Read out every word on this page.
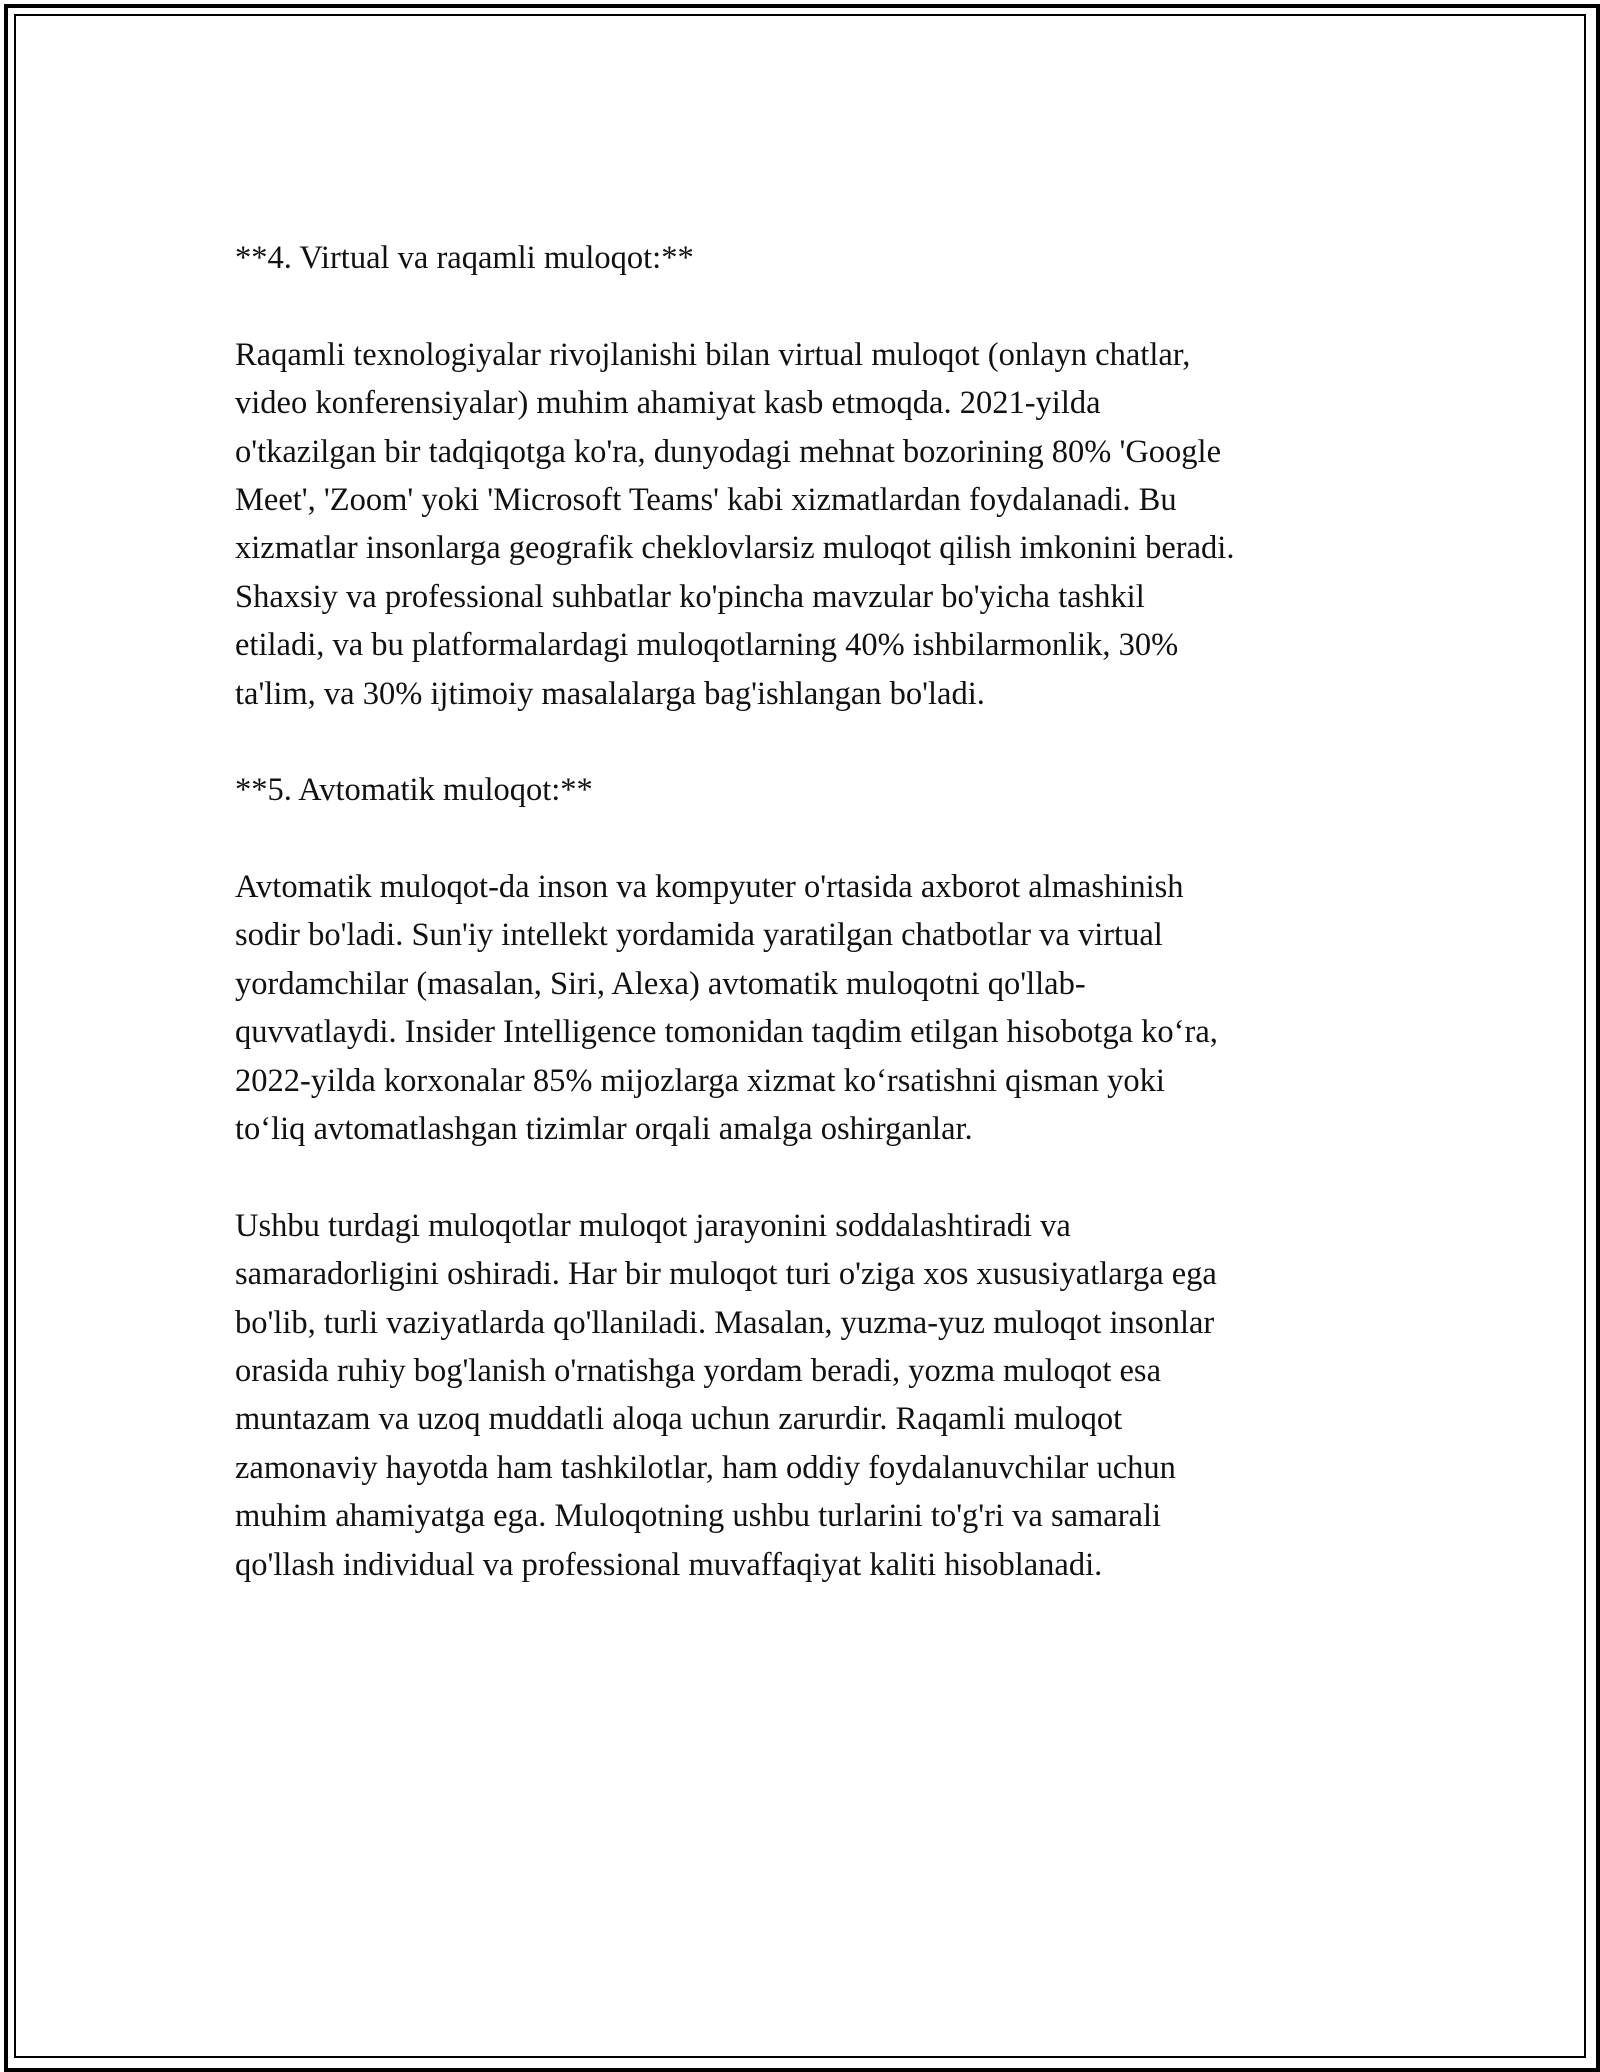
**4. Virtual va raqamli muloqot:**
Raqamli texnologiyalar rivojlanishi bilan virtual muloqot (onlayn chatlar,
video konferensiyalar) muhim ahamiyat kasb etmoqda. 2021-yilda
o'tkazilgan bir tadqiqotga ko'ra, dunyodagi mehnat bozorining 80% 'Google
Meet', 'Zoom' yoki 'Microsoft Teams' kabi xizmatlardan foydalanadi. Bu
xizmatlar insonlarga geografik cheklovlarsiz muloqot qilish imkonini beradi.
Shaxsiy va professional suhbatlar ko'pincha mavzular bo'yicha tashkil
etiladi, va bu platformalardagi muloqotlarning 40% ishbilarmonlik, 30%
ta'lim, va 30% ijtimoiy masalalarga bag'ishlangan bo'ladi.
**5. Avtomatik muloqot:**
Avtomatik muloqot-da inson va kompyuter o'rtasida axborot almashinish
sodir bo'ladi. Sun'iy intellekt yordamida yaratilgan chatbotlar va virtual
yordamchilar (masalan, Siri, Alexa) avtomatik muloqotni qo'llab-
quvvatlaydi. Insider Intelligence tomonidan taqdim etilgan hisobotga ko‘ra,
2022-yilda korxonalar 85% mijozlarga xizmat ko‘rsatishni qisman yoki
to‘liq avtomatlashgan tizimlar orqali amalga oshirganlar.
Ushbu turdagi muloqotlar muloqot jarayonini soddalashtiradi va
samaradorligini oshiradi. Har bir muloqot turi o'ziga xos xususiyatlarga ega
bo'lib, turli vaziyatlarda qo'llaniladi. Masalan, yuzma-yuz muloqot insonlar
orasida ruhiy bog'lanish o'rnatishga yordam beradi, yozma muloqot esa
muntazam va uzoq muddatli aloqa uchun zarurdir. Raqamli muloqot
zamonaviy hayotda ham tashkilotlar, ham oddiy foydalanuvchilar uchun
muhim ahamiyatga ega. Muloqotning ushbu turlarini to'g'ri va samarali
qo'llash individual va professional muvaffaqiyat kaliti hisoblanadi.
